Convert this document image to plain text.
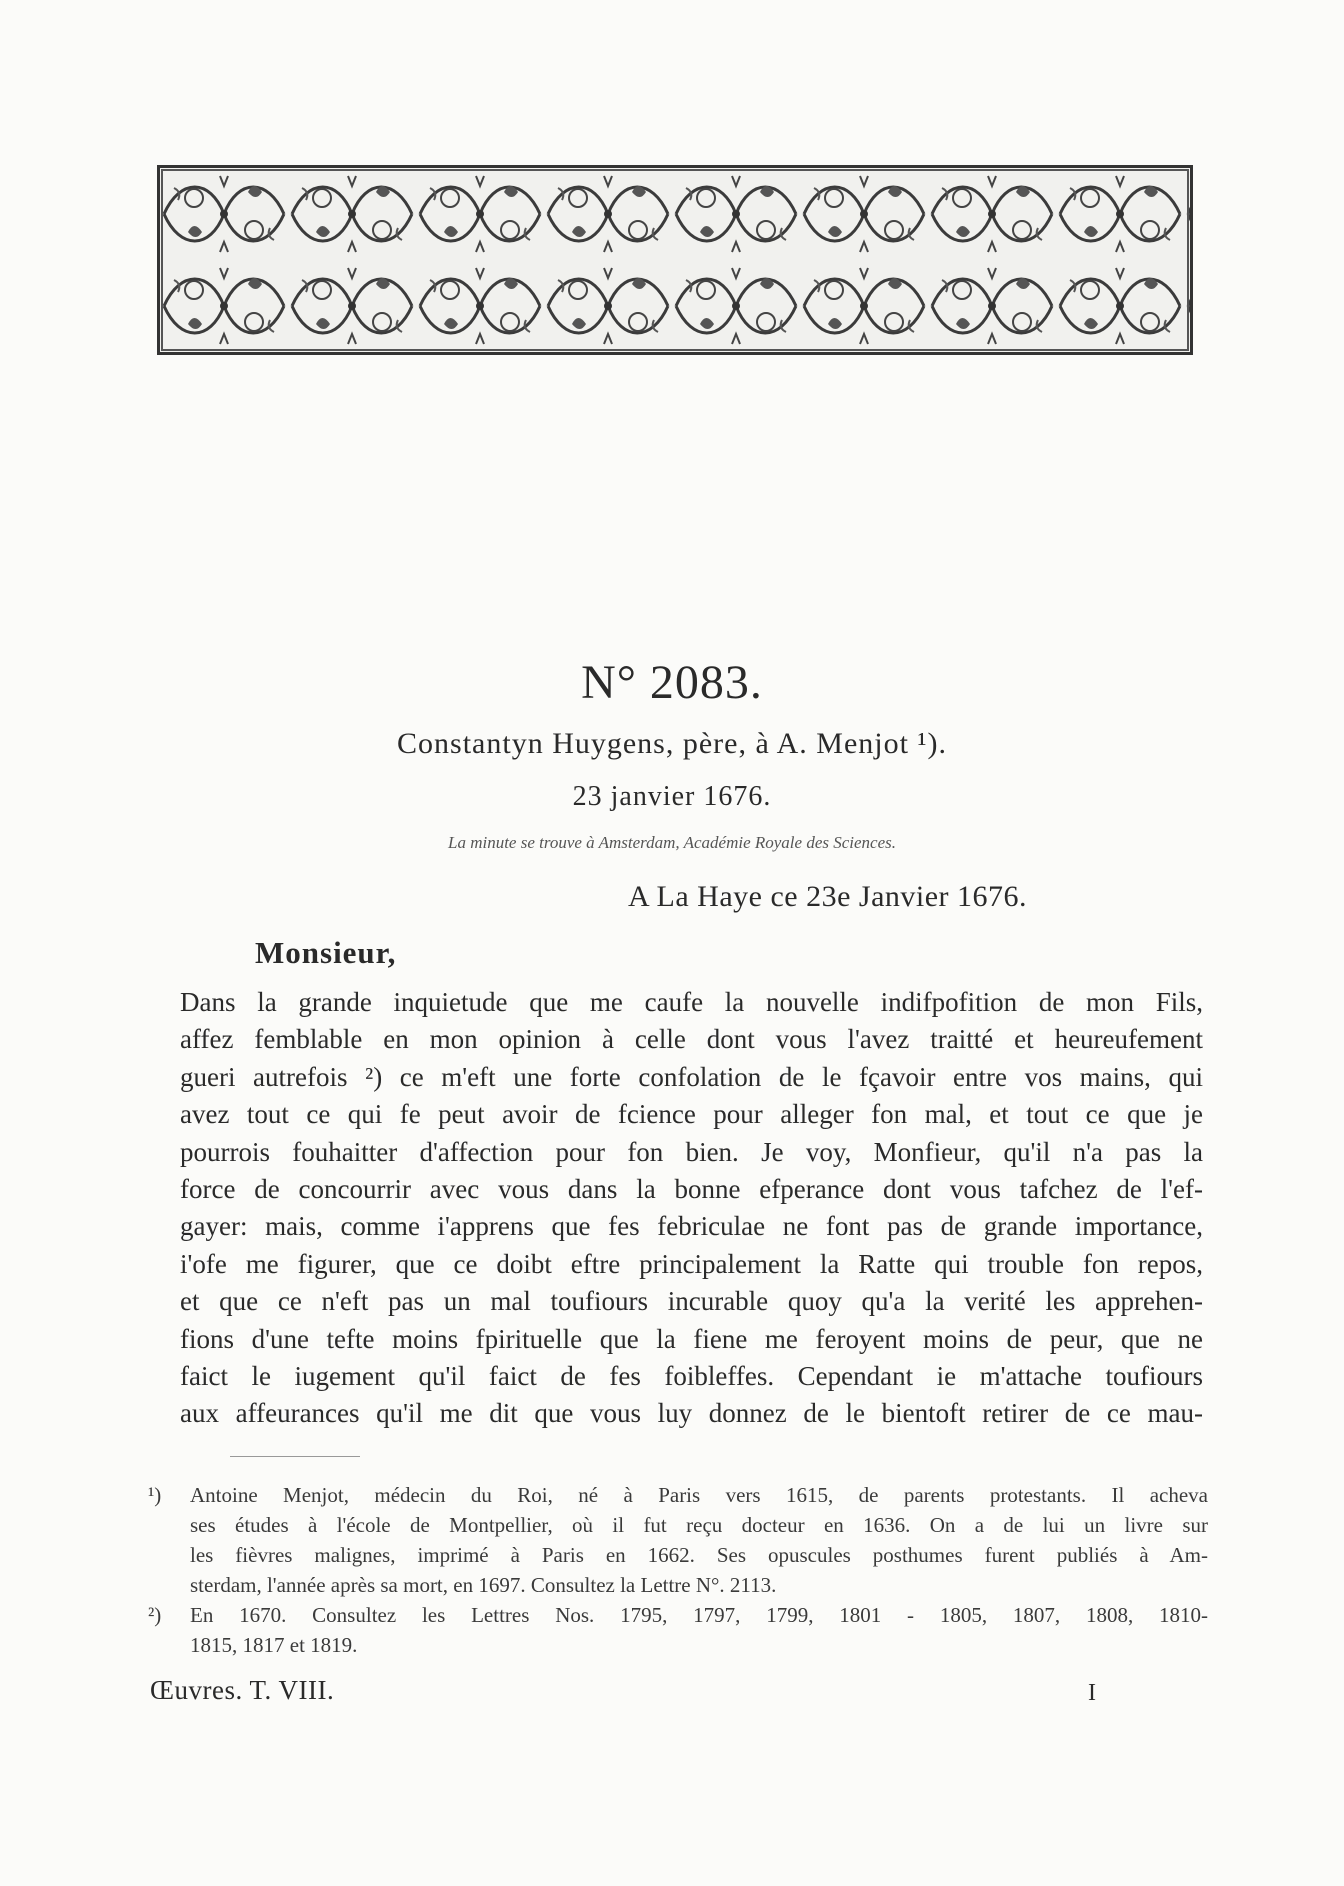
N° 2083.
Constantyn Huygens, père, à A. Menjot ¹).
23 janvier 1676.
La minute se trouve à Amsterdam, Académie Royale des Sciences.
A La Haye ce 23e Janvier 1676.
Monsieur,
Dans la grande inquietude que me caufe la nouvelle indifpofition de mon Fils,
affez femblable en mon opinion à celle dont vous l'avez traitté et heureufement
gueri autrefois ²) ce m'eft une forte confolation de le fçavoir entre vos mains, qui
avez tout ce qui fe peut avoir de fcience pour alleger fon mal, et tout ce que je
pourrois fouhaitter d'affection pour fon bien. Je voy, Monfieur, qu'il n'a pas la
force de concourrir avec vous dans la bonne efperance dont vous tafchez de l'ef-
gayer: mais, comme i'apprens que fes febriculae ne font pas de grande importance,
i'ofe me figurer, que ce doibt eftre principalement la Ratte qui trouble fon repos,
et que ce n'eft pas un mal toufiours incurable quoy qu'a la verité les apprehen-
fions d'une tefte moins fpirituelle que la fiene me feroyent moins de peur, que ne
faict le iugement qu'il faict de fes foibleffes. Cependant ie m'attache toufiours
aux affeurances qu'il me dit que vous luy donnez de le bientoft retirer de ce mau-
¹) Antoine Menjot, médecin du Roi, né à Paris vers 1615, de parents protestants. Il acheva
ses études à l'école de Montpellier, où il fut reçu docteur en 1636. On a de lui un livre sur
les fièvres malignes, imprimé à Paris en 1662. Ses opuscules posthumes furent publiés à Am-
sterdam, l'année après sa mort, en 1697. Consultez la Lettre N°. 2113.
²) En 1670. Consultez les Lettres Nos. 1795, 1797, 1799, 1801 - 1805, 1807, 1808, 1810-
1815, 1817 et 1819.
Œuvres. T. VIII.	I
